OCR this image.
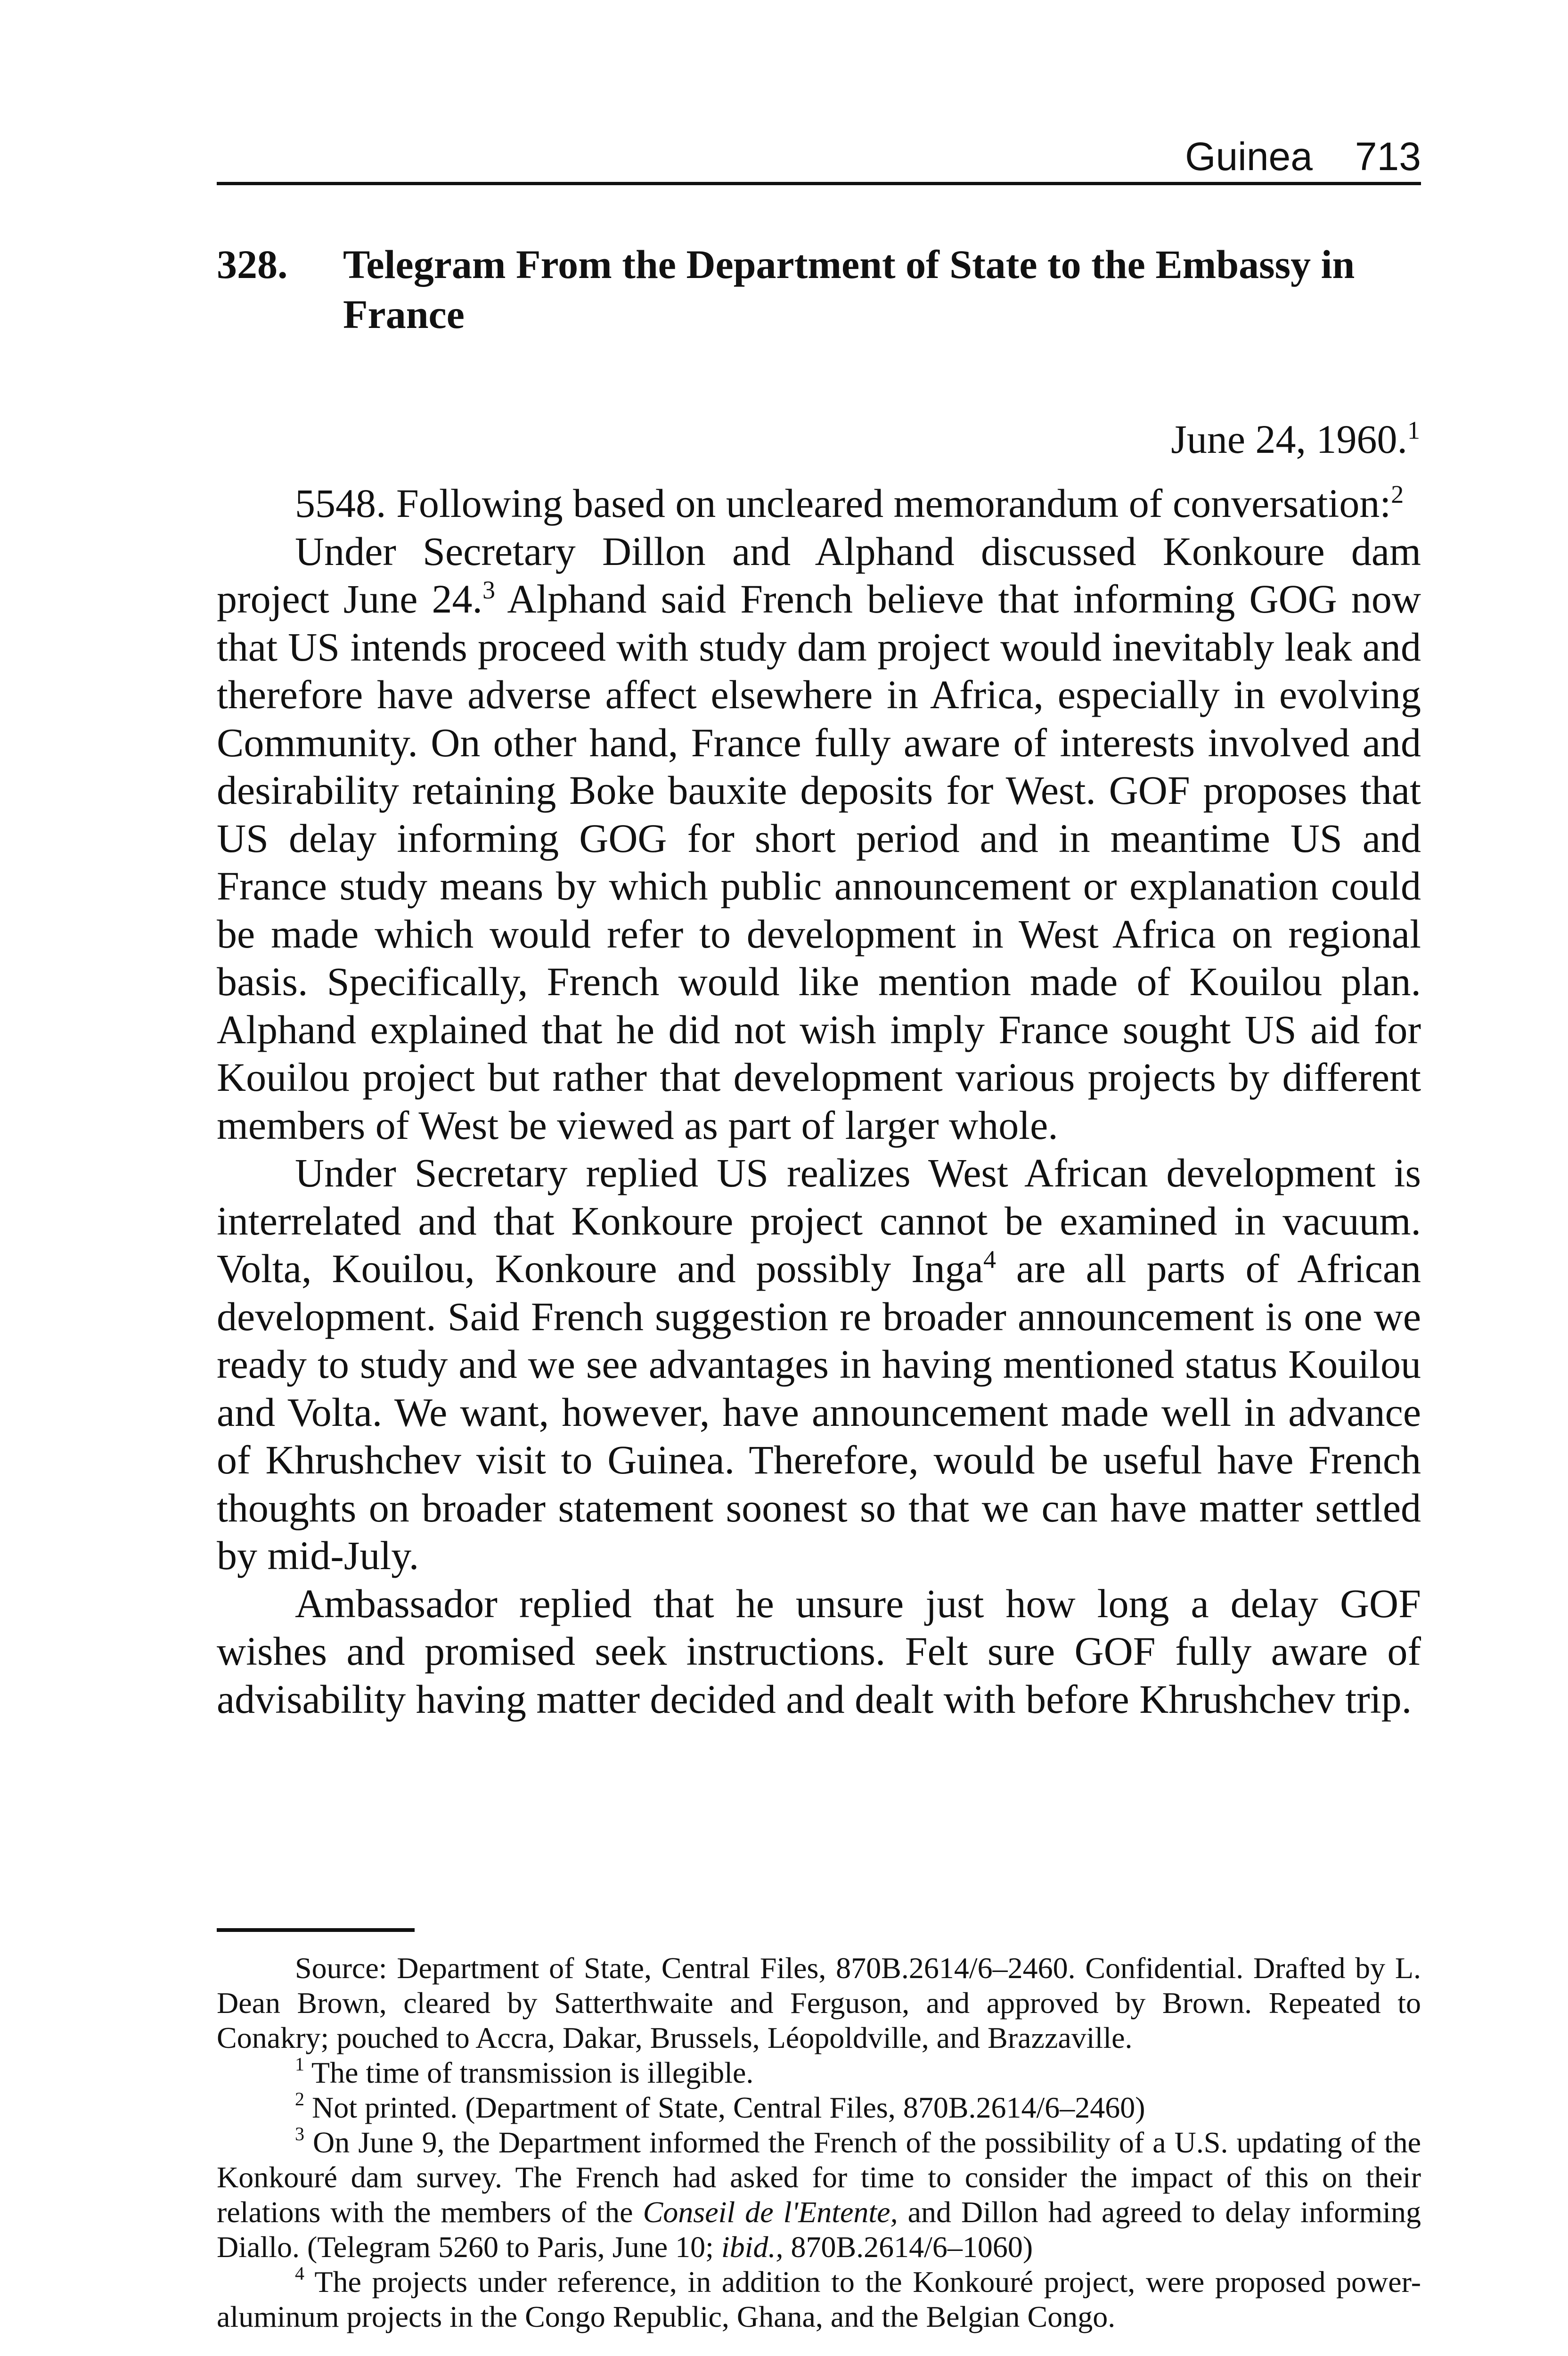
Guinea 713
328. Telegram From the Department of State to the Embassy in France
June 24, 1960.$^1$

5548. Following based on uncleared memorandum of conversation:$^2$

Under Secretary Dillon and Alphand discussed Konkoure dam project June 24.$^3$ Alphand said French believe that informing GOG now that US intends proceed with study dam project would inevitably leak and therefore have adverse affect elsewhere in Africa, especially in evolving Community. On other hand, France fully aware of interests involved and desirability retaining Boke bauxite deposits for West. GOF proposes that US delay informing GOG for short period and in meantime US and France study means by which public announcement or explanation could be made which would refer to development in West Africa on regional basis. Specifically, French would like mention made of Kouilou plan. Alphand explained that he did not wish imply France sought US aid for Kouilou project but rather that development various projects by different members of West be viewed as part of larger whole.

Under Secretary replied US realizes West African development is interrelated and that Konkoure project cannot be examined in vacuum. Volta, Kouilou, Konkoure and possibly Inga$^4$ are all parts of African development. Said French suggestion re broader announcement is one we ready to study and we see advantages in having mentioned status Kouilou and Volta. We want, however, have announcement made well in advance of Khrushchev visit to Guinea. Therefore, would be useful have French thoughts on broader statement soonest so that we can have matter settled by mid-July.

Ambassador replied that he unsure just how long a delay GOF wishes and promised seek instructions. Felt sure GOF fully aware of advisability having matter decided and dealt with before Khrushchev trip.

Source: Department of State, Central Files, 870B.2614/6–2460. Confidential. Drafted by L. Dean Brown, cleared by Satterthwaite and Ferguson, and approved by Brown. Repeated to Conakry; pouched to Accra, Dakar, Brussels, Léopoldville, and Brazzaville.

$^1$ The time of transmission is illegible.

$^2$ Not printed. (Department of State, Central Files, 870B.2614/6–2460)

$^3$ On June 9, the Department informed the French of the possibility of a U.S. updating of the Konkouré dam survey. The French had asked for time to consider the impact of this on their relations with the members of the Conseil de l'Entente, and Dillon had agreed to delay informing Diallo. (Telegram 5260 to Paris, June 10; ibid., 870B.2614/6–1060)

$^4$ The projects under reference, in addition to the Konkouré project, were proposed power-aluminum projects in the Congo Republic, Ghana, and the Belgian Congo.
